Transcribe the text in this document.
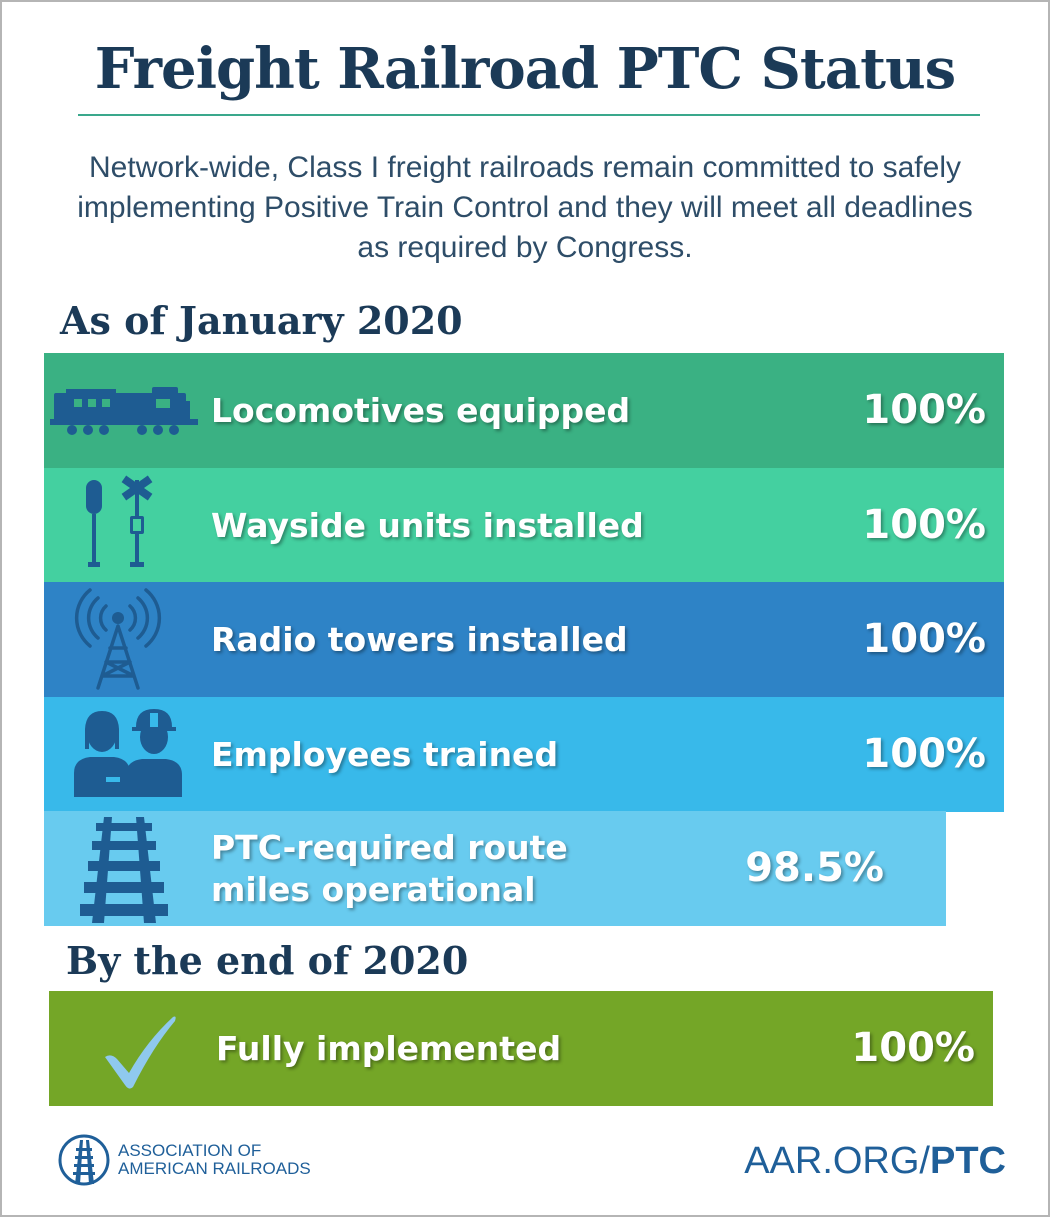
Freight Railroad PTC Status
Network-wide, Class I freight railroads remain committed to safely implementing Positive Train Control and they will meet all deadlines as required by Congress.
As of January 2020
Locomotives equipped	100%
Wayside units installed	100%
Radio towers installed	100%
Employees trained	100%
PTC-required route miles operational	98.5%
By the end of 2020
Fully implemented	100%
ASSOCIATION OF
AMERICAN RAILROADS	AAR.ORG/PTC
